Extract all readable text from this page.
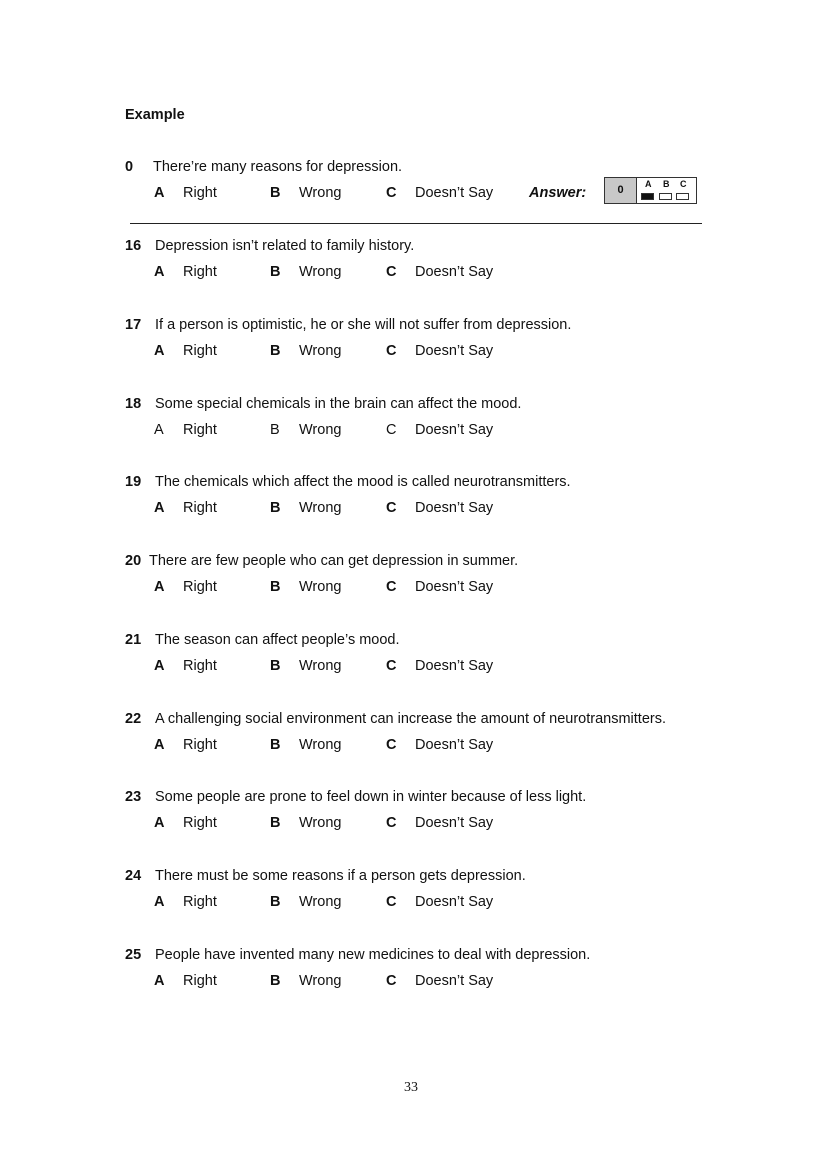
Example
0 There’re many reasons for depression.
A Right	B Wrong	C Doesn’t Say Answer:	0	A B C
16 Depression isn’t related to family history.
A Right	B Wrong	C Doesn’t Say
17 If a person is optimistic, he or she will not suffer from depression.
A Right	B Wrong	C Doesn’t Say
18 Some special chemicals in the brain can affect the mood.
A Right	B Wrong	C Doesn’t Say
19 The chemicals which affect the mood is called neurotransmitters.
A Right	B Wrong	C Doesn’t Say
20 There are few people who can get depression in summer.
A Right	B Wrong	C Doesn’t Say
21 The season can affect people’s mood.
A Right	B Wrong	C Doesn’t Say
22 A challenging social environment can increase the amount of neurotransmitters.
A Right	B Wrong	C Doesn’t Say
23 Some people are prone to feel down in winter because of less light.
A Right	B Wrong	C Doesn’t Say
24 There must be some reasons if a person gets depression.
A Right	B Wrong	C Doesn’t Say
25 People have invented many new medicines to deal with depression.
A Right	B Wrong	C Doesn’t Say
33
